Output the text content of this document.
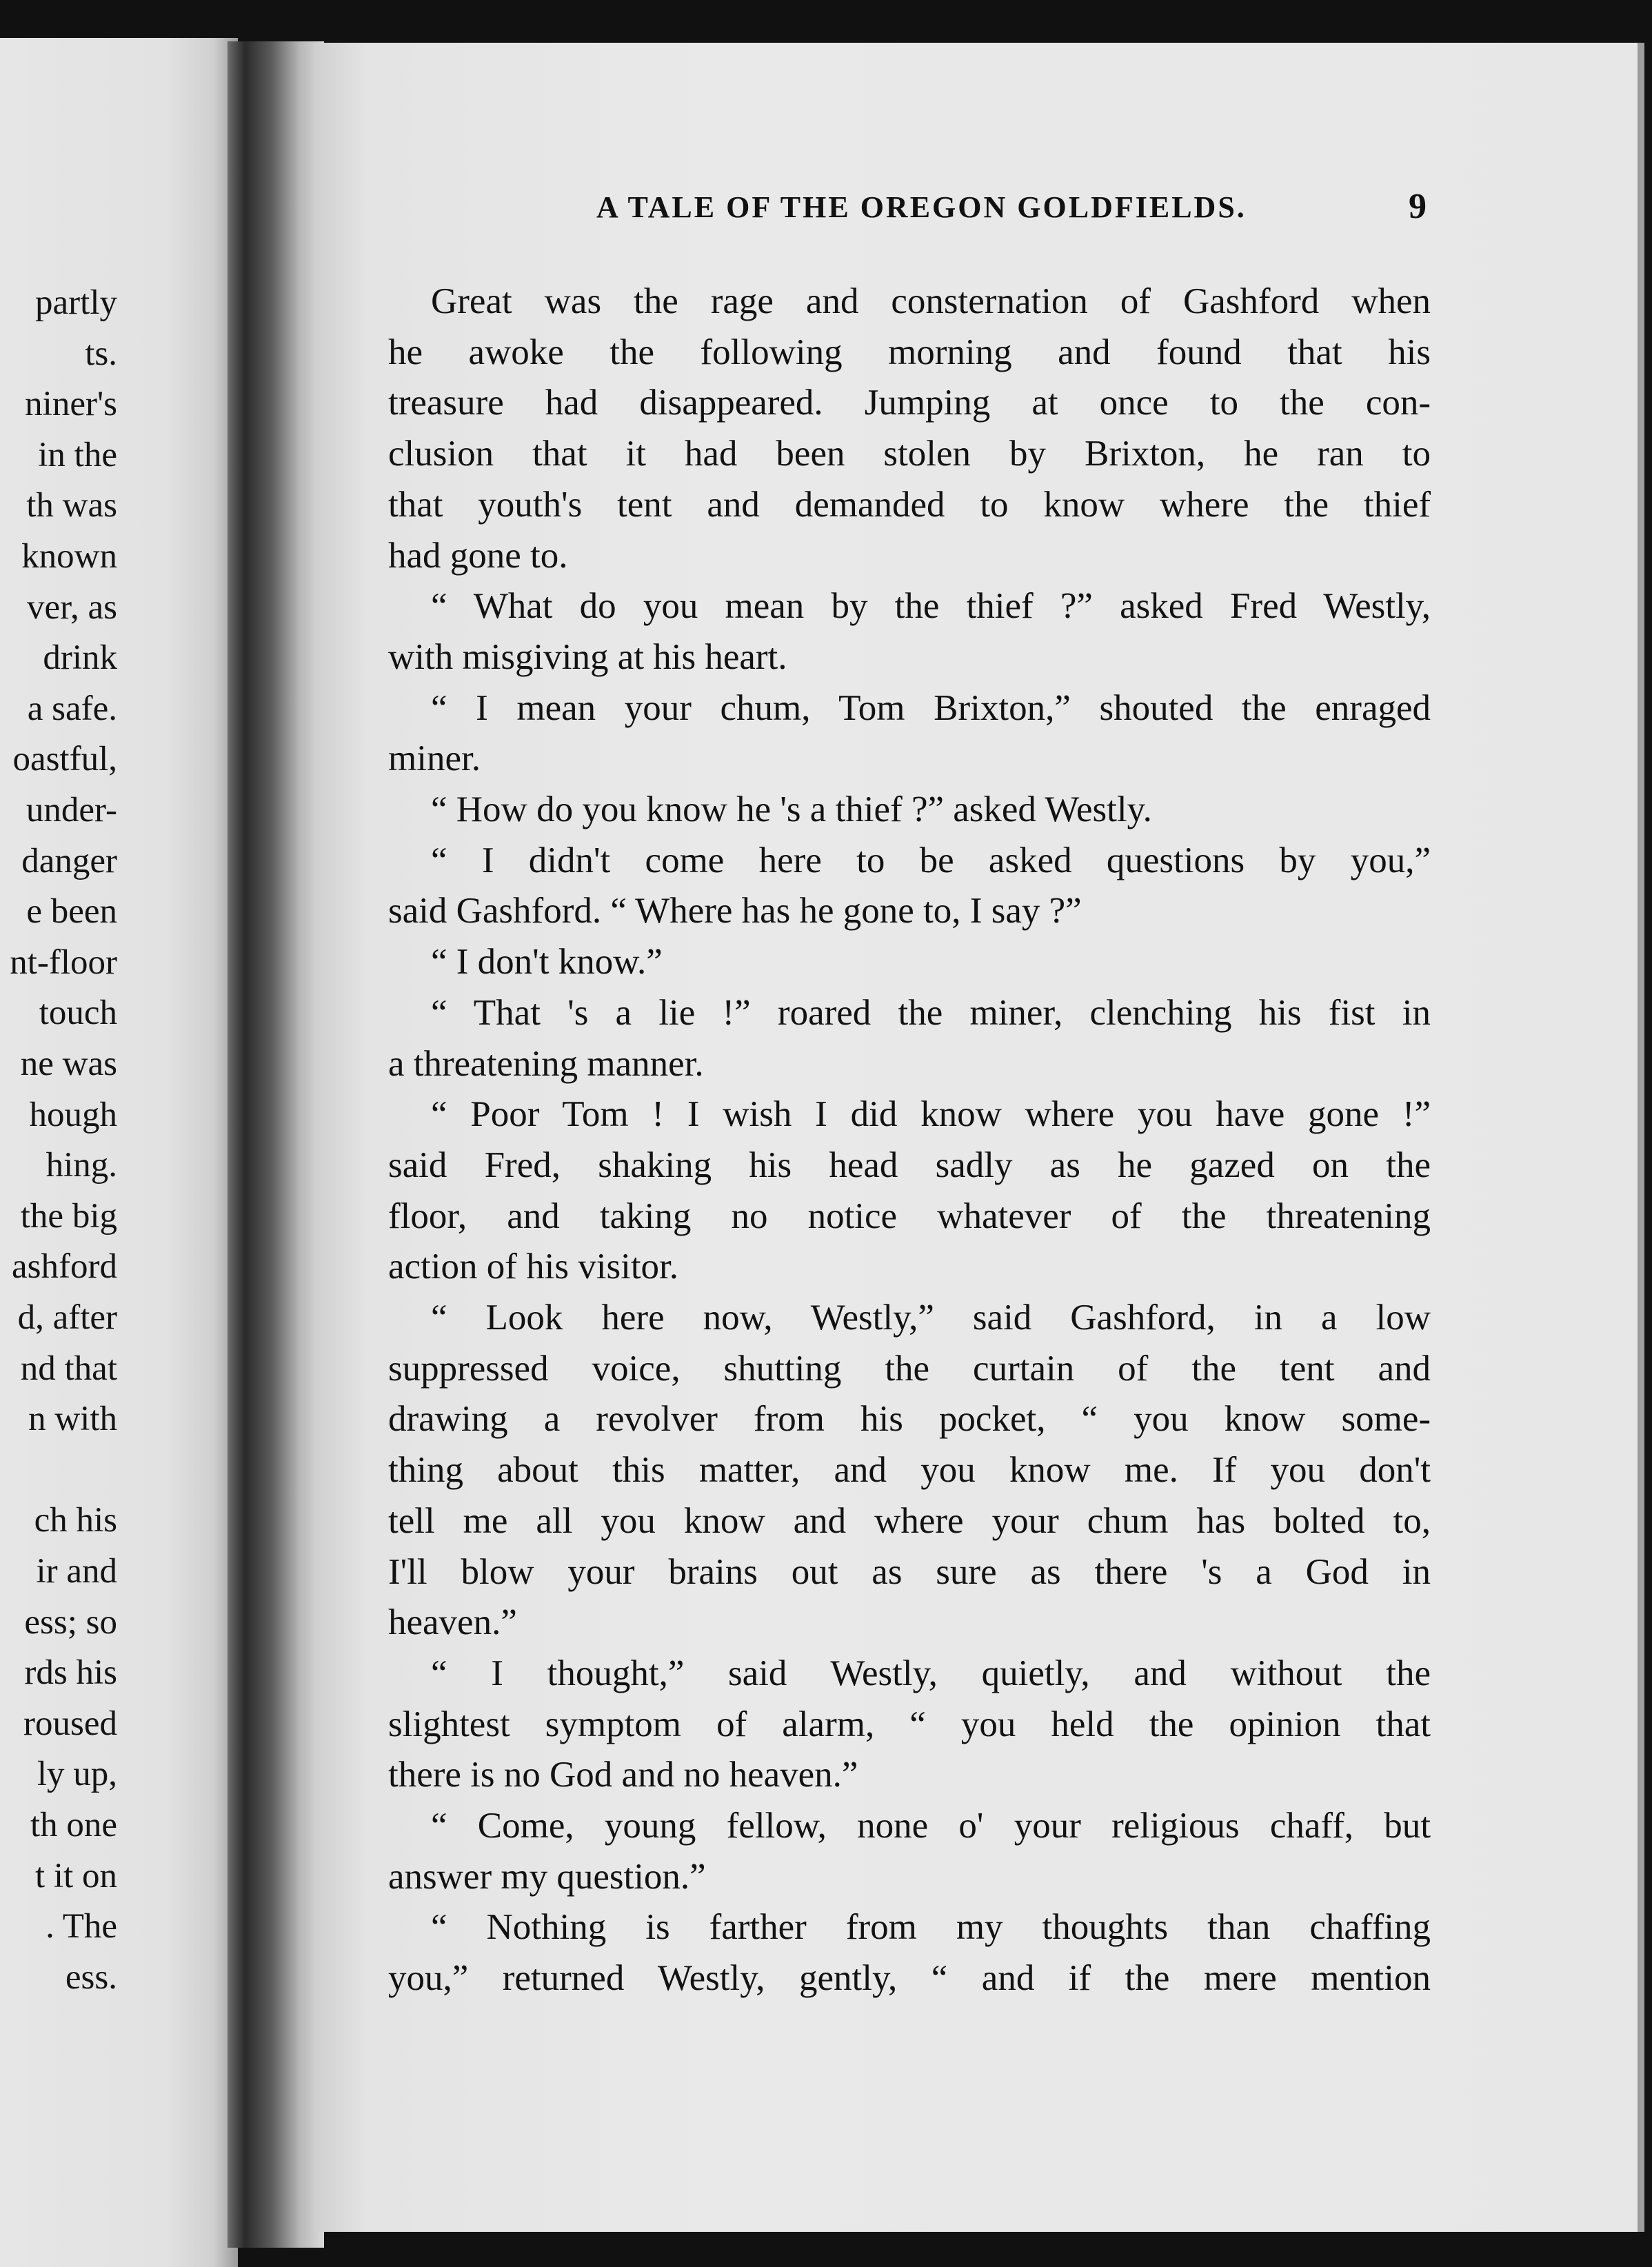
partly
ts.
niner's
in the
th was
known
ver, as
drink
a safe.
oastful,
under-
danger
e been
nt-floor
touch
ne was
hough
hing.
the big
ashford
d, after
nd that
n with
ch his
ir and
ess; so
rds his
roused
ly up,
th one
t it on
. The
ess.
A TALE OF THE OREGON GOLDFIELDS.	9
Great was the rage and consternation of Gashford when
he awoke the following morning and found that his
treasure had disappeared. Jumping at once to the con-
clusion that it had been stolen by Brixton, he ran to
that youth's tent and demanded to know where the thief
had gone to.
“ What do you mean by the thief ?” asked Fred Westly,
with misgiving at his heart.
“ I mean your chum, Tom Brixton,” shouted the enraged
miner.
“ How do you know he 's a thief ?” asked Westly.
“ I didn't come here to be asked questions by you,”
said Gashford. “ Where has he gone to, I say ?”
“ I don't know.”
“ That 's a lie !” roared the miner, clenching his fist in
a threatening manner.
“ Poor Tom ! I wish I did know where you have gone !”
said Fred, shaking his head sadly as he gazed on the
floor, and taking no notice whatever of the threatening
action of his visitor.
“ Look here now, Westly,” said Gashford, in a low
suppressed voice, shutting the curtain of the tent and
drawing a revolver from his pocket, “ you know some-
thing about this matter, and you know me. If you don't
tell me all you know and where your chum has bolted to,
I'll blow your brains out as sure as there 's a God in
heaven.”
“ I thought,” said Westly, quietly, and without the
slightest symptom of alarm, “ you held the opinion that
there is no God and no heaven.”
“ Come, young fellow, none o' your religious chaff, but
answer my question.”
“ Nothing is farther from my thoughts than chaffing
you,” returned Westly, gently, “ and if the mere mention
